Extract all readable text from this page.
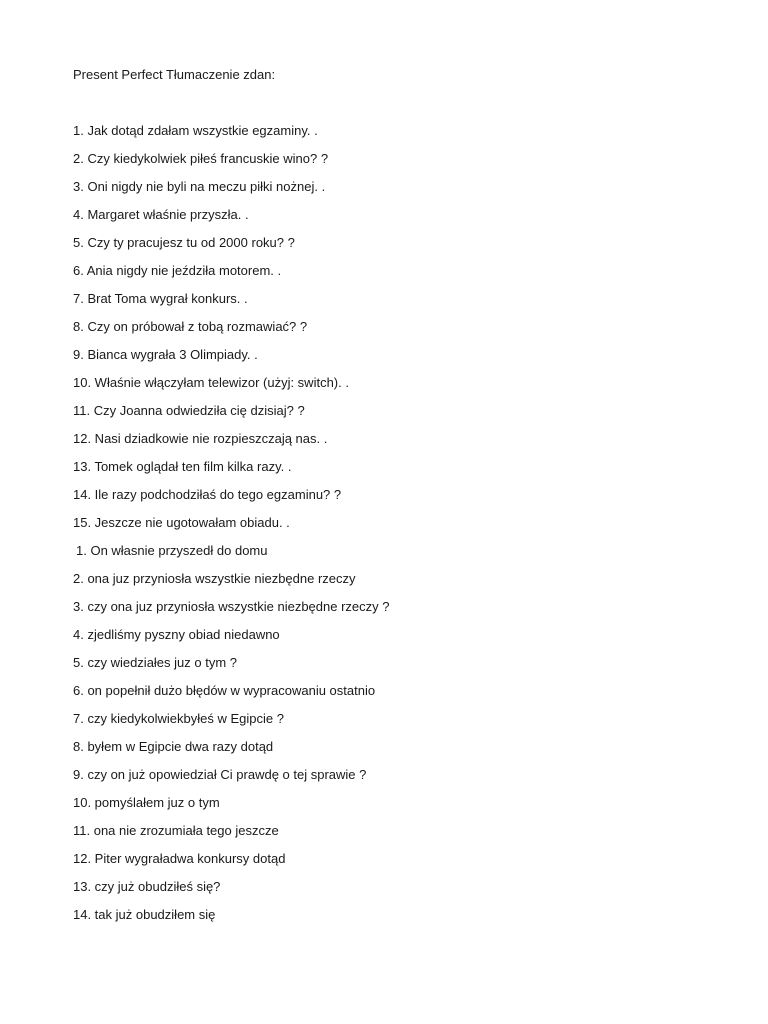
Present Perfect Tłumaczenie zdan:
1. Jak dotąd zdałam wszystkie egzaminy. .
2. Czy kiedykolwiek piłeś francuskie wino? ?
3. Oni nigdy nie byli na meczu piłki nożnej. .
4. Margaret właśnie przyszła. .
5. Czy ty pracujesz tu od 2000 roku? ?
6. Ania nigdy nie jeździła motorem. .
7. Brat Toma wygrał konkurs. .
8. Czy on próbował z tobą rozmawiać? ?
9. Bianca wygrała 3 Olimpiady. .
10. Właśnie włączyłam telewizor (użyj: switch). .
11. Czy Joanna odwiedziła cię dzisiaj? ?
12. Nasi dziadkowie nie rozpieszczają nas. .
13. Tomek oglądał ten film kilka razy. .
14. Ile razy podchodziłaś do tego egzaminu? ?
15. Jeszcze nie ugotowałam obiadu. .
1. On własnie przyszedł do domu
2. ona juz przyniosła wszystkie niezbędne rzeczy
3. czy ona juz przyniosła wszystkie niezbędne rzeczy ?
4. zjedliśmy pyszny obiad niedawno
5. czy wiedziałes juz o tym ?
6. on popełnił dużo błędów w wypracowaniu ostatnio
7. czy kiedykolwiekbyłeś w Egipcie ?
8. byłem w Egipcie dwa razy dotąd
9. czy on już opowiedział Ci prawdę o tej sprawie ?
10. pomyślałem juz o tym
11. ona nie zrozumiała tego jeszcze
12. Piter wygraładwa konkursy dotąd
13. czy już obudziłeś się?
14. tak już obudziłem się
